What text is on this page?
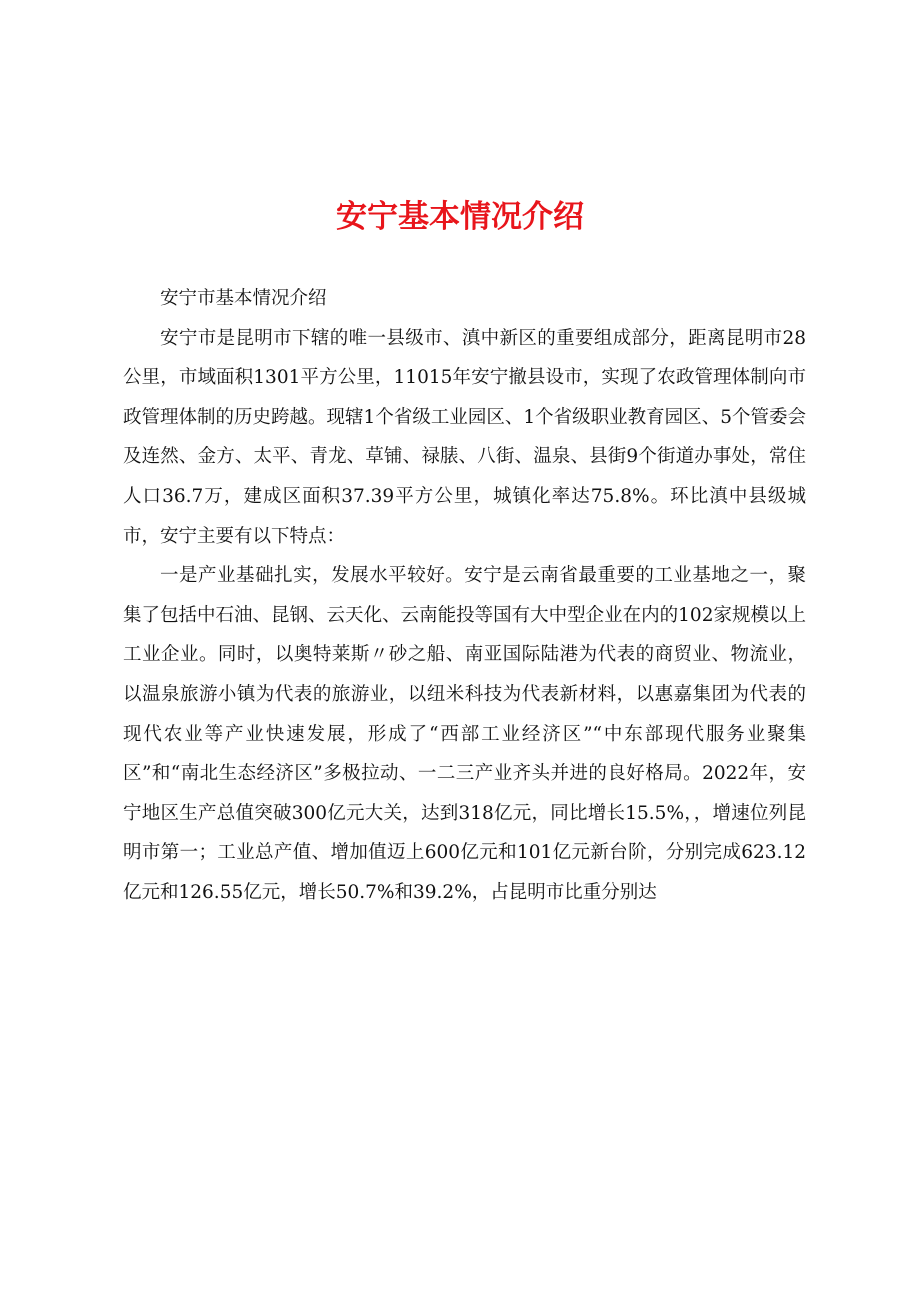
安宁基本情况介绍

安宁市基本情况介绍

安宁市是昆明市下辖的唯一县级市、滇中新区的重要组成部分，距离昆明市28公里，市域面积1301平方公里，11015年安宁撤县设市，实现了农政管理体制向市政管理体制的历史跨越。现辖1个省级工业园区、1个省级职业教育园区、5个管委会及连然、金方、太平、青龙、草铺、禄脿、八街、温泉、县街9个街道办事处，常住人口36.7万，建成区面积37.39平方公里，城镇化率达75.8%。环比滇中县级城市，安宁主要有以下特点：

一是产业基础扎实，发展水平较好。安宁是云南省最重要的工业基地之一，聚集了包括中石油、昆钢、云天化、云南能投等国有大中型企业在内的102家规模以上工业企业。同时，以奥特莱斯〃砂之船、南亚国际陆港为代表的商贸业、物流业，以温泉旅游小镇为代表的旅游业，以纽米科技为代表新材料，以惠嘉集团为代表的现代农业等产业快速发展，形成了“西部工业经济区”“中东部现代服务业聚集区”和“南北生态经济区”多极拉动、一二三产业齐头并进的良好格局。2022年，安宁地区生产总值突破300亿元大关，达到318亿元，同比增长15.5%，，增速位列昆明市第一；工业总产值、增加值迈上600亿元和101亿元新台阶，分别完成623.12亿元和126.55亿元，增长50.7%和39.2%，占昆明市比重分别达
